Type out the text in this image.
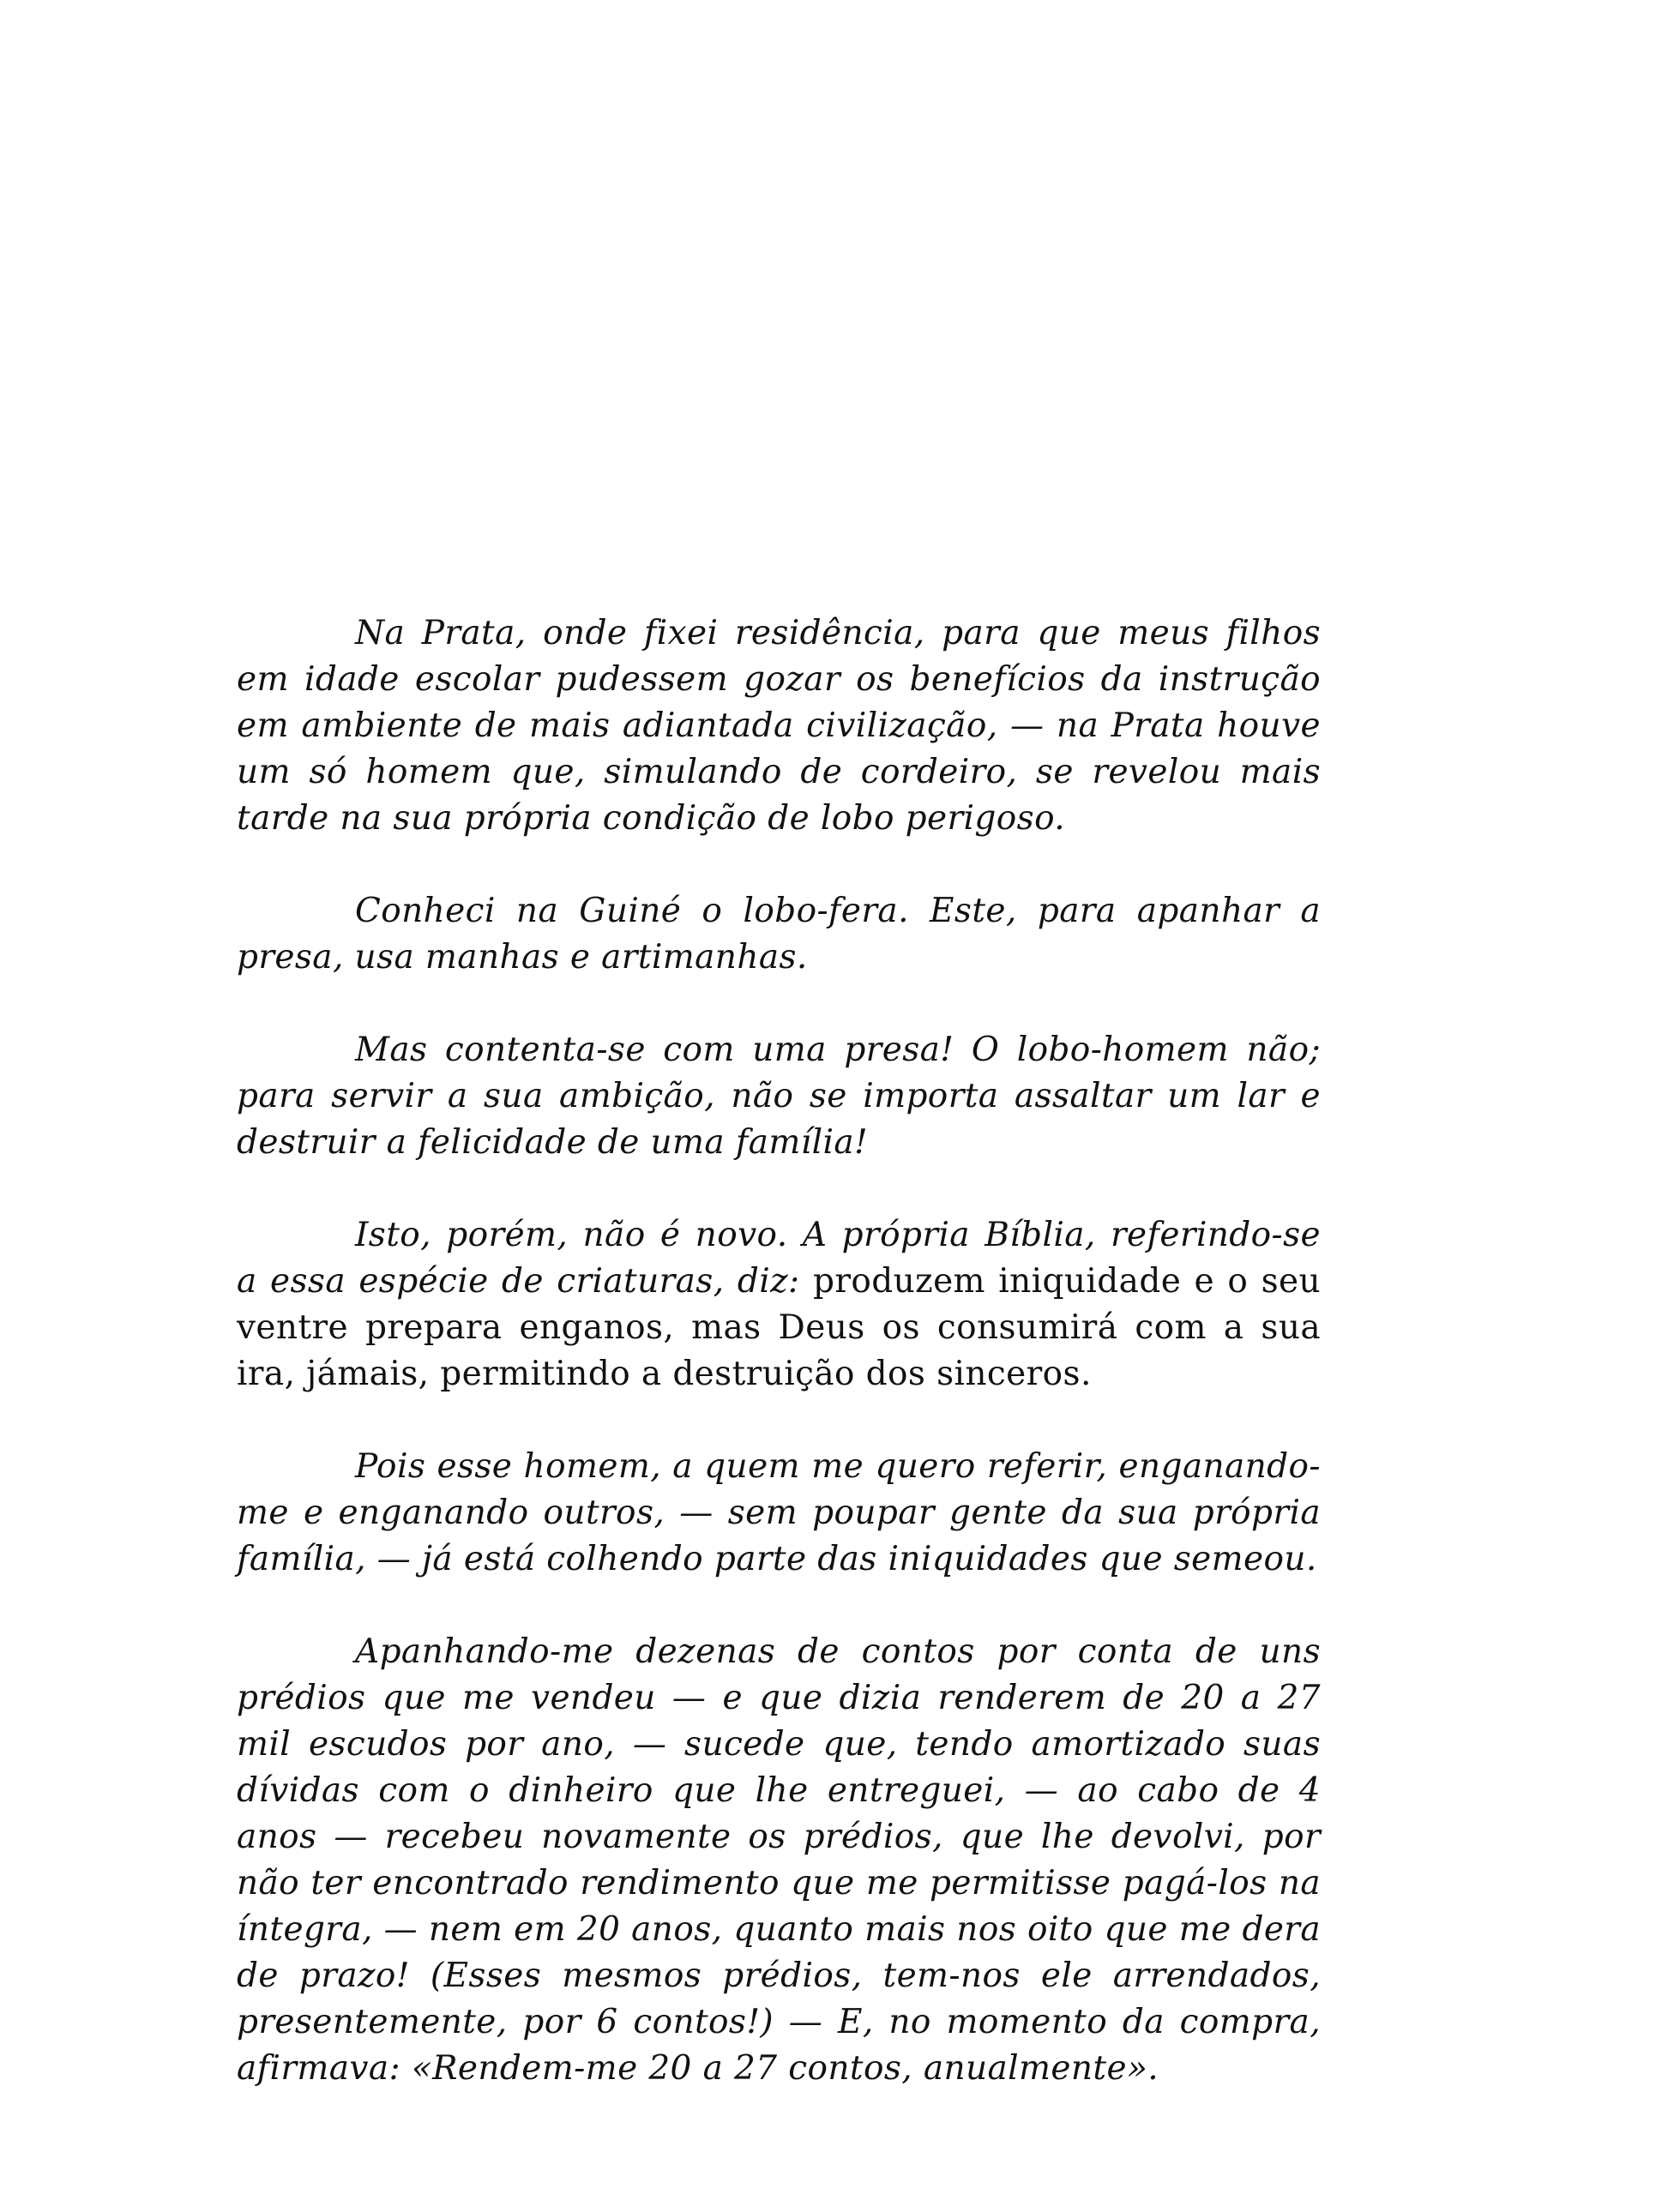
Na Prata, onde fixei residência, para que meus filhos em idade escolar pudessem gozar os benefícios da instrução em ambiente de mais adiantada civilização, — na Prata houve um só homem que, simulando de cordeiro, se revelou mais tarde na sua própria condição de lobo perigoso.

Conheci na Guiné o lobo-fera. Este, para apanhar a presa, usa manhas e artimanhas.

Mas contenta-se com uma presa! O lobo-homem não; para servir a sua ambição, não se importa assaltar um lar e destruir a felicidade de uma família!

Isto, porém, não é novo. A própria Bíblia, referindo-se a essa espécie de criaturas, diz: produzem iniquidade e o seu ventre prepara enganos, mas Deus os consumirá com a sua ira, jámais, permitindo a destruição dos sinceros.

Pois esse homem, a quem me quero referir, enganando-me e enganando outros, — sem poupar gente da sua própria família, — já está colhendo parte das iniquidades que semeou.

Apanhando-me dezenas de contos por conta de uns prédios que me vendeu — e que dizia renderem de 20 a 27 mil escudos por ano, — sucede que, tendo amortizado suas dívidas com o dinheiro que lhe entreguei, — ao cabo de 4 anos — recebeu novamente os prédios, que lhe devolvi, por não ter encontrado rendimento que me permitisse pagá-los na íntegra, — nem em 20 anos, quanto mais nos oito que me dera de prazo! (Esses mesmos prédios, tem-nos ele arrendados, presentemente, por 6 contos!) — E, no momento da compra, afirmava: «Rendem-me 20 a 27 contos, anualmente».
